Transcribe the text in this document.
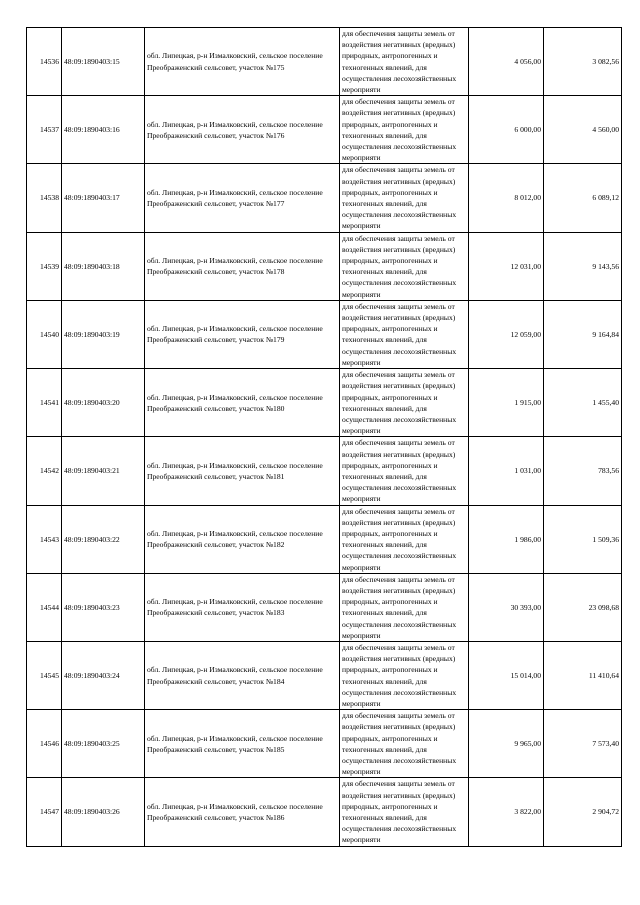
14536	48:09:1890403:15	обл. Липецкая, р-н Измалковский, сельское поселение Преображенский сельсовет, участок №175	для обеспечения защиты земель от воздействия негативных (вредных) природных, антропогенных и техногенных явлений, для осуществления лесохозяйственных мероприяти	4 056,00	3 082,56
14537	48:09:1890403:16	обл. Липецкая, р-н Измалковский, сельское поселение Преображенский сельсовет, участок №176	для обеспечения защиты земель от воздействия негативных (вредных) природных, антропогенных и техногенных явлений, для осуществления лесохозяйственных мероприяти	6 000,00	4 560,00
14538	48:09:1890403:17	обл. Липецкая, р-н Измалковский, сельское поселение Преображенский сельсовет, участок №177	для обеспечения защиты земель от воздействия негативных (вредных) природных, антропогенных и техногенных явлений, для осуществления лесохозяйственных мероприяти	8 012,00	6 089,12
14539	48:09:1890403:18	обл. Липецкая, р-н Измалковский, сельское поселение Преображенский сельсовет, участок №178	для обеспечения защиты земель от воздействия негативных (вредных) природных, антропогенных и техногенных явлений, для осуществления лесохозяйственных мероприяти	12 031,00	9 143,56
14540	48:09:1890403:19	обл. Липецкая, р-н Измалковский, сельское поселение Преображенский сельсовет, участок №179	для обеспечения защиты земель от воздействия негативных (вредных) природных, антропогенных и техногенных явлений, для осуществления лесохозяйственных мероприяти	12 059,00	9 164,84
14541	48:09:1890403:20	обл. Липецкая, р-н Измалковский, сельское поселение Преображенский сельсовет, участок №180	для обеспечения защиты земель от воздействия негативных (вредных) природных, антропогенных и техногенных явлений, для осуществления лесохозяйственных мероприяти	1 915,00	1 455,40
14542	48:09:1890403:21	обл. Липецкая, р-н Измалковский, сельское поселение Преображенский сельсовет, участок №181	для обеспечения защиты земель от воздействия негативных (вредных) природных, антропогенных и техногенных явлений, для осуществления лесохозяйственных мероприяти	1 031,00	783,56
14543	48:09:1890403:22	обл. Липецкая, р-н Измалковский, сельское поселение Преображенский сельсовет, участок №182	для обеспечения защиты земель от воздействия негативных (вредных) природных, антропогенных и техногенных явлений, для осуществления лесохозяйственных мероприяти	1 986,00	1 509,36
14544	48:09:1890403:23	обл. Липецкая, р-н Измалковский, сельское поселение Преображенский сельсовет, участок №183	для обеспечения защиты земель от воздействия негативных (вредных) природных, антропогенных и техногенных явлений, для осуществления лесохозяйственных мероприяти	30 393,00	23 098,68
14545	48:09:1890403:24	обл. Липецкая, р-н Измалковский, сельское поселение Преображенский сельсовет, участок №184	для обеспечения защиты земель от воздействия негативных (вредных) природных, антропогенных и техногенных явлений, для осуществления лесохозяйственных мероприяти	15 014,00	11 410,64
14546	48:09:1890403:25	обл. Липецкая, р-н Измалковский, сельское поселение Преображенский сельсовет, участок №185	для обеспечения защиты земель от воздействия негативных (вредных) природных, антропогенных и техногенных явлений, для осуществления лесохозяйственных мероприяти	9 965,00	7 573,40
14547	48:09:1890403:26	обл. Липецкая, р-н Измалковский, сельское поселение Преображенский сельсовет, участок №186	для обеспечения защиты земель от воздействия негативных (вредных) природных, антропогенных и техногенных явлений, для осуществления лесохозяйственных мероприяти	3 822,00	2 904,72
